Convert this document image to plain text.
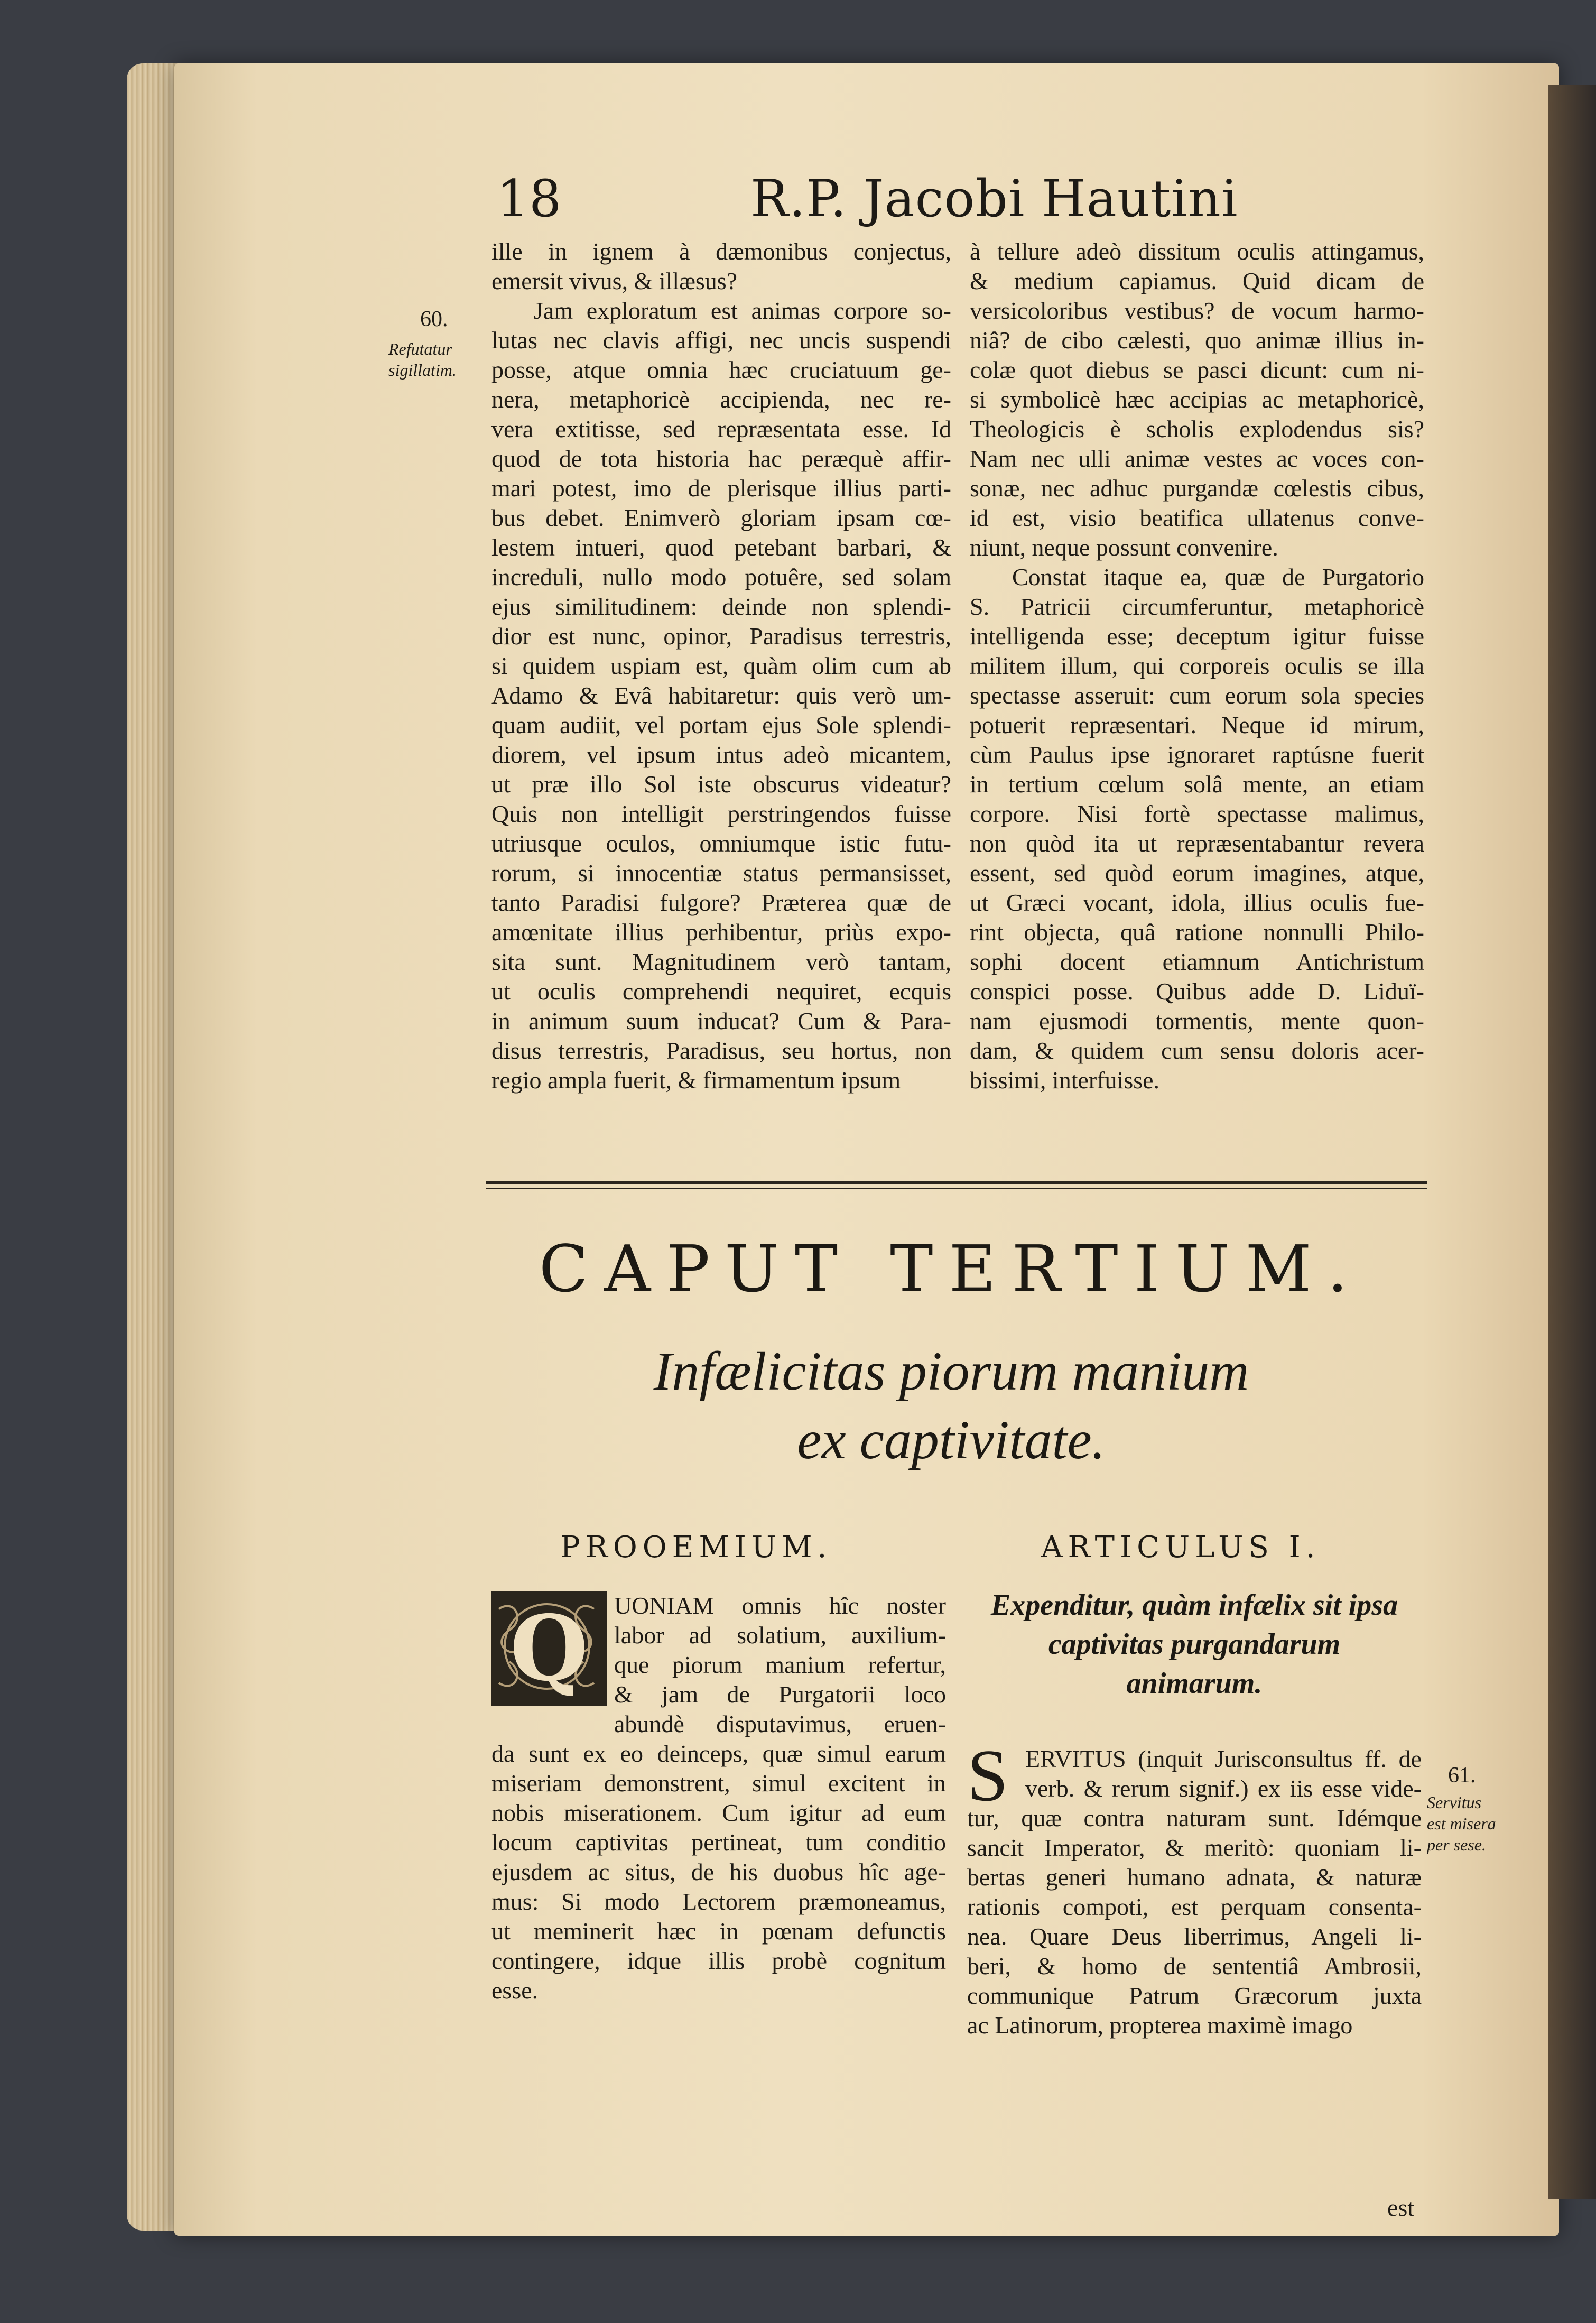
18	R.P. Jacobi Hautini
ille in ignem à dæmonibus conjectus,
emersit vivus, & illæsus?
Jam exploratum est animas corpore so-
lutas nec clavis affigi, nec uncis suspendi
posse, atque omnia hæc cruciatuum ge-
nera, metaphoricè accipienda, nec re-
vera extitisse, sed repræsentata esse. Id
quod de tota historia hac peræquè affir-
mari potest, imo de plerisque illius parti-
bus debet. Enimverò gloriam ipsam cœ-
lestem intueri, quod petebant barbari, &
increduli, nullo modo potuêre, sed solam
ejus similitudinem: deinde non splendi-
dior est nunc, opinor, Paradisus terrestris,
si quidem uspiam est, quàm olim cum ab
Adamo & Evâ habitaretur: quis verò um-
quam audiit, vel portam ejus Sole splendi-
diorem, vel ipsum intus adeò micantem,
ut præ illo Sol iste obscurus videatur?
Quis non intelligit perstringendos fuisse
utriusque oculos, omniumque istic futu-
rorum, si innocentiæ status permansisset,
tanto Paradisi fulgore? Præterea quæ de
amœnitate illius perhibentur, priùs expo-
sita sunt. Magnitudinem verò tantam,
ut oculis comprehendi nequiret, ecquis
in animum suum inducat? Cum & Para-
disus terrestris, Paradisus, seu hortus, non
regio ampla fuerit, & firmamentum ipsum
à tellure adeò dissitum oculis attingamus,
& medium capiamus. Quid dicam de
versicoloribus vestibus? de vocum harmo-
niâ? de cibo cælesti, quo animæ illius in-
colæ quot diebus se pasci dicunt: cum ni-
si symbolicè hæc accipias ac metaphoricè,
Theologicis è scholis explodendus sis?
Nam nec ulli animæ vestes ac voces con-
sonæ, nec adhuc purgandæ cœlestis cibus,
id est, visio beatifica ullatenus conve-
niunt, neque possunt convenire.
Constat itaque ea, quæ de Purgatorio
S. Patricii circumferuntur, metaphoricè
intelligenda esse; deceptum igitur fuisse
militem illum, qui corporeis oculis se illa
spectasse asseruit: cum eorum sola species
potuerit repræsentari. Neque id mirum,
cùm Paulus ipse ignoraret raptúsne fuerit
in tertium cœlum solâ mente, an etiam
corpore. Nisi fortè spectasse malimus,
non quòd ita ut repræsentabantur revera
essent, sed quòd eorum imagines, atque,
ut Græci vocant, idola, illius oculis fue-
rint objecta, quâ ratione nonnulli Philo-
sophi docent etiamnum Antichristum
conspici posse. Quibus adde D. Liduï-
nam ejusmodi tormentis, mente quon-
dam, & quidem cum sensu doloris acer-
bissimi, interfuisse.
60.
Refutatur
sigillatim.
CAPUT TERTIUM.
Infælicitas piorum manium
ex captivitate.
PROOEMIUM.	ARTICULUS I.
Expenditur, quàm infælix sit ipsa
captivitas purgandarum
animarum.
UONIAM omnis hîc noster
labor ad solatium, auxilium-
que piorum manium refertur,
& jam de Purgatorii loco
abundè disputavimus, eruen-
da sunt ex eo deinceps, quæ simul earum
miseriam demonstrent, simul excitent in
nobis miserationem. Cum igitur ad eum
locum captivitas pertineat, tum conditio
ejusdem ac situs, de his duobus hîc age-
mus: Si modo Lectorem præmoneamus,
ut meminerit hæc in pœnam defunctis
contingere, idque illis probè cognitum
esse.
Q
S ERVITUS (inquit Jurisconsultus ff. de
verb. & rerum signif.) ex iis esse vide-
tur, quæ contra naturam sunt. Idémque
sancit Imperator, & meritò: quoniam li-
bertas generi humano adnata, & naturæ
rationis compoti, est perquam consenta-
nea. Quare Deus liberrimus, Angeli li-
beri, & homo de sententiâ Ambrosii,
communique Patrum Græcorum juxta
ac Latinorum, propterea maximè imago
61.
Servitus
est misera
per sese.
est
